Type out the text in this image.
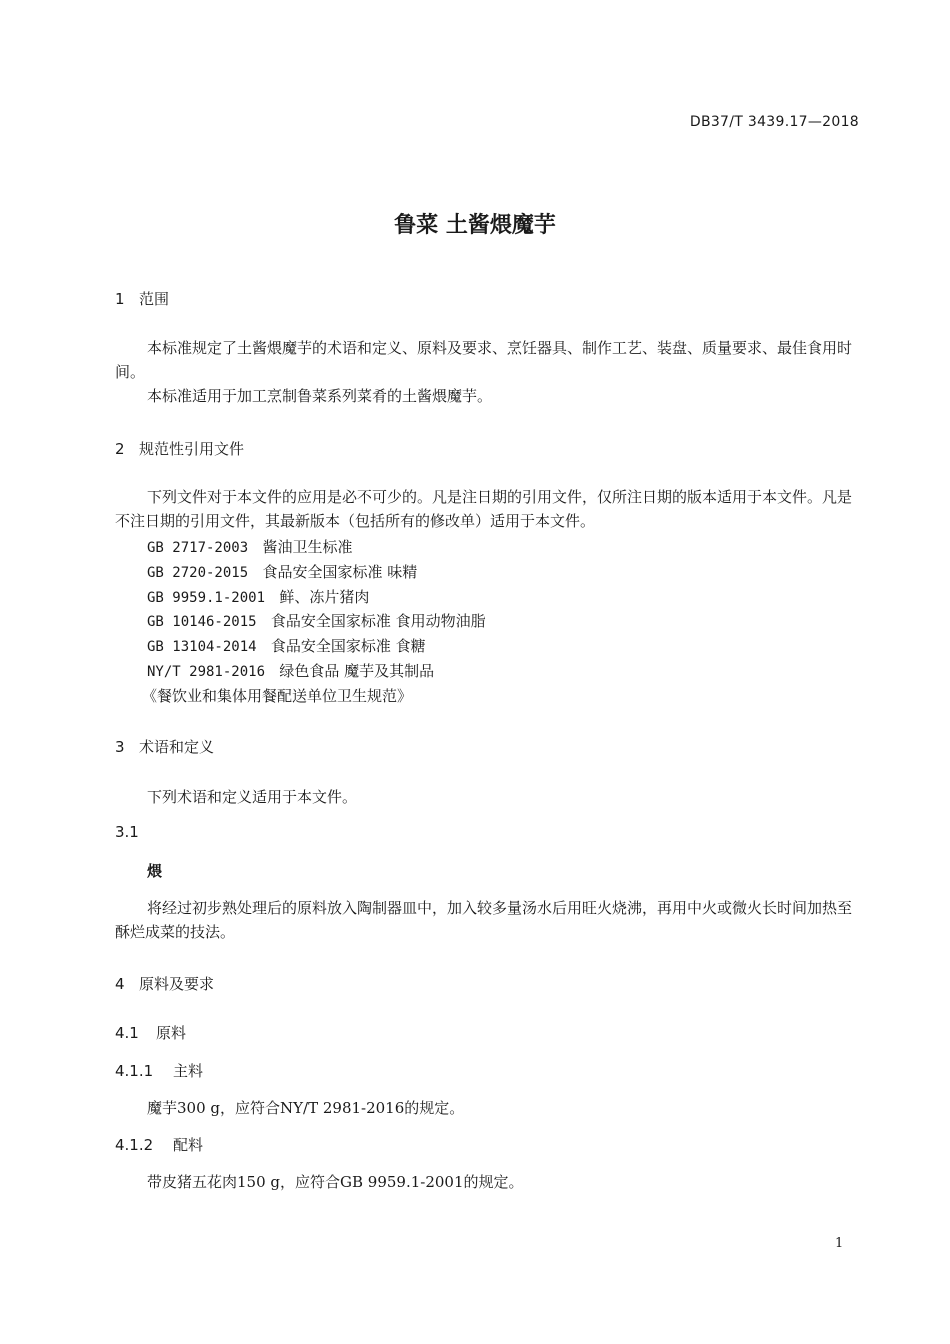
DB37/T 3439.17—2018
鲁菜 土酱煨魔芋
1 范围

本标准规定了土酱煨魔芋的术语和定义、原料及要求、烹饪器具、制作工艺、装盘、质量要求、最佳食用时间。

本标准适用于加工烹制鲁菜系列菜肴的土酱煨魔芋。

2 规范性引用文件

下列文件对于本文件的应用是必不可少的。凡是注日期的引用文件，仅所注日期的版本适用于本文件。凡是不注日期的引用文件，其最新版本（包括所有的修改单）适用于本文件。

GB 2717-2003 酱油卫生标准
GB 2720-2015 食品安全国家标准 味精
GB 9959.1-2001 鲜、冻片猪肉
GB 10146-2015 食品安全国家标准 食用动物油脂
GB 13104-2014 食品安全国家标准 食糖
NY/T 2981-2016 绿色食品 魔芋及其制品
《餐饮业和集体用餐配送单位卫生规范》
3 术语和定义

下列术语和定义适用于本文件。

3.1
煨

将经过初步熟处理后的原料放入陶制器皿中，加入较多量汤水后用旺火烧沸，再用中火或微火长时间加热至酥烂成菜的技法。

4 原料及要求
4.1 原料
4.1.1 主料

魔芋300 g，应符合NY/T 2981-2016的规定。

4.1.2 配料

带皮猪五花肉150 g，应符合GB 9959.1-2001的规定。

1
